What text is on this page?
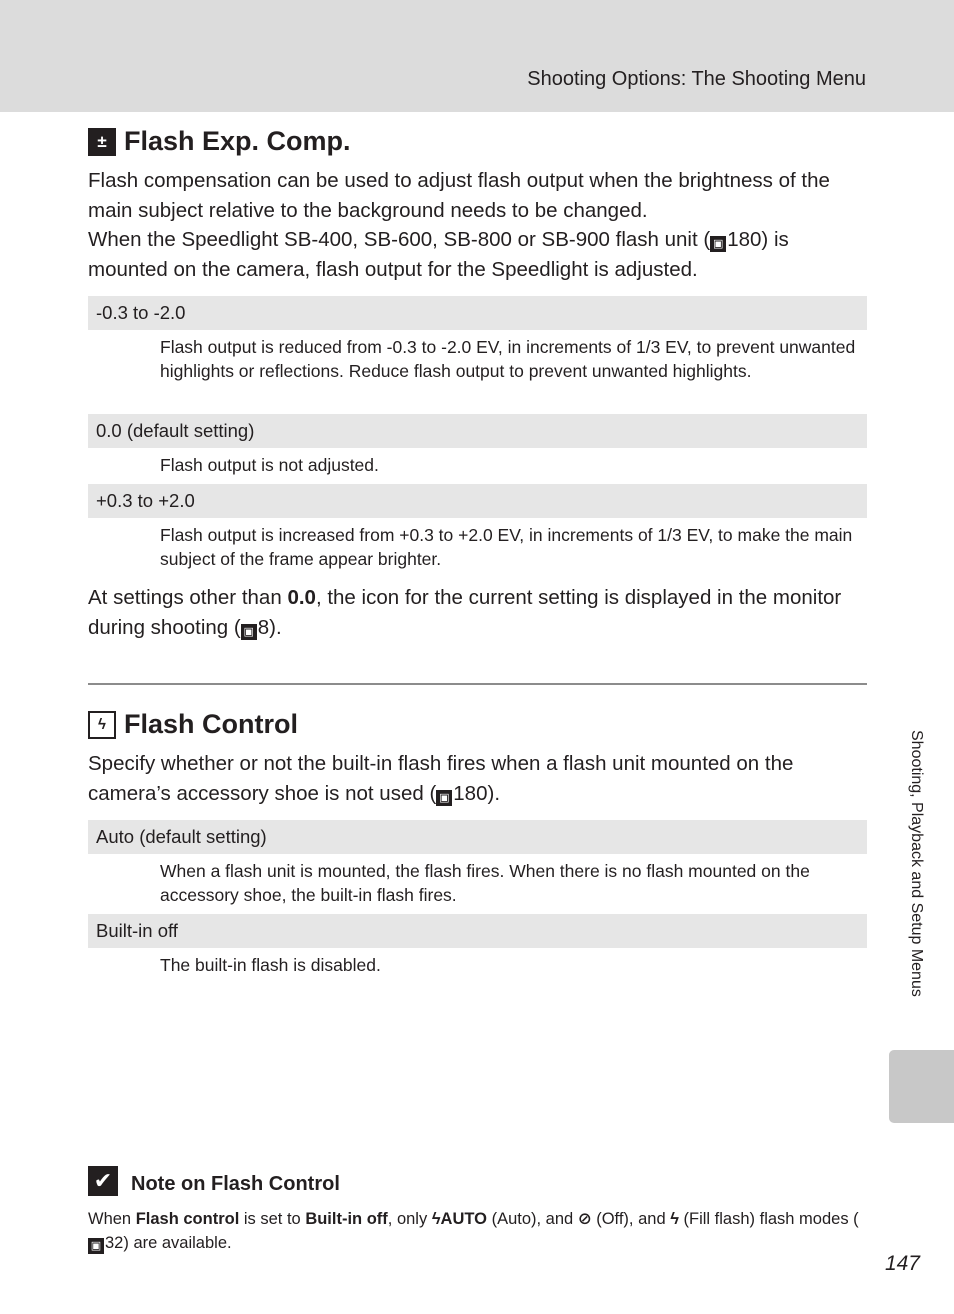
Shooting Options: The Shooting Menu
± Flash Exp. Comp.

Flash compensation can be used to adjust flash output when the brightness of the main subject relative to the background needs to be changed.
When the Speedlight SB-400, SB-600, SB-800 or SB-900 flash unit ( ▣ 180) is mounted on the camera, flash output for the Speedlight is adjusted.

-0.3 to -2.0

Flash output is reduced from -0.3 to -2.0 EV, in increments of 1/3 EV, to prevent unwanted highlights or reflections. Reduce flash output to prevent unwanted highlights.

0.0 (default setting)

Flash output is not adjusted.

+0.3 to +2.0

Flash output is increased from +0.3 to +2.0 EV, in increments of 1/3 EV, to make the main subject of the frame appear brighter.

At settings other than 0.0, the icon for the current setting is displayed in the monitor during shooting ( ▣ 8).

ϟ Flash Control

Specify whether or not the built-in flash fires when a flash unit mounted on the camera’s accessory shoe is not used ( ▣ 180).

Auto (default setting)

When a flash unit is mounted, the flash fires. When there is no flash mounted on the accessory shoe, the built-in flash fires.

Built-in off

The built-in flash is disabled.	Shooting, Playback and Setup Menus
✔ Note on Flash Control

When Flash control is set to Built-in off, only ϟAUTO (Auto), and ⊘ (Off), and ϟ (Fill flash) flash modes (▣ 32) are available.

147
